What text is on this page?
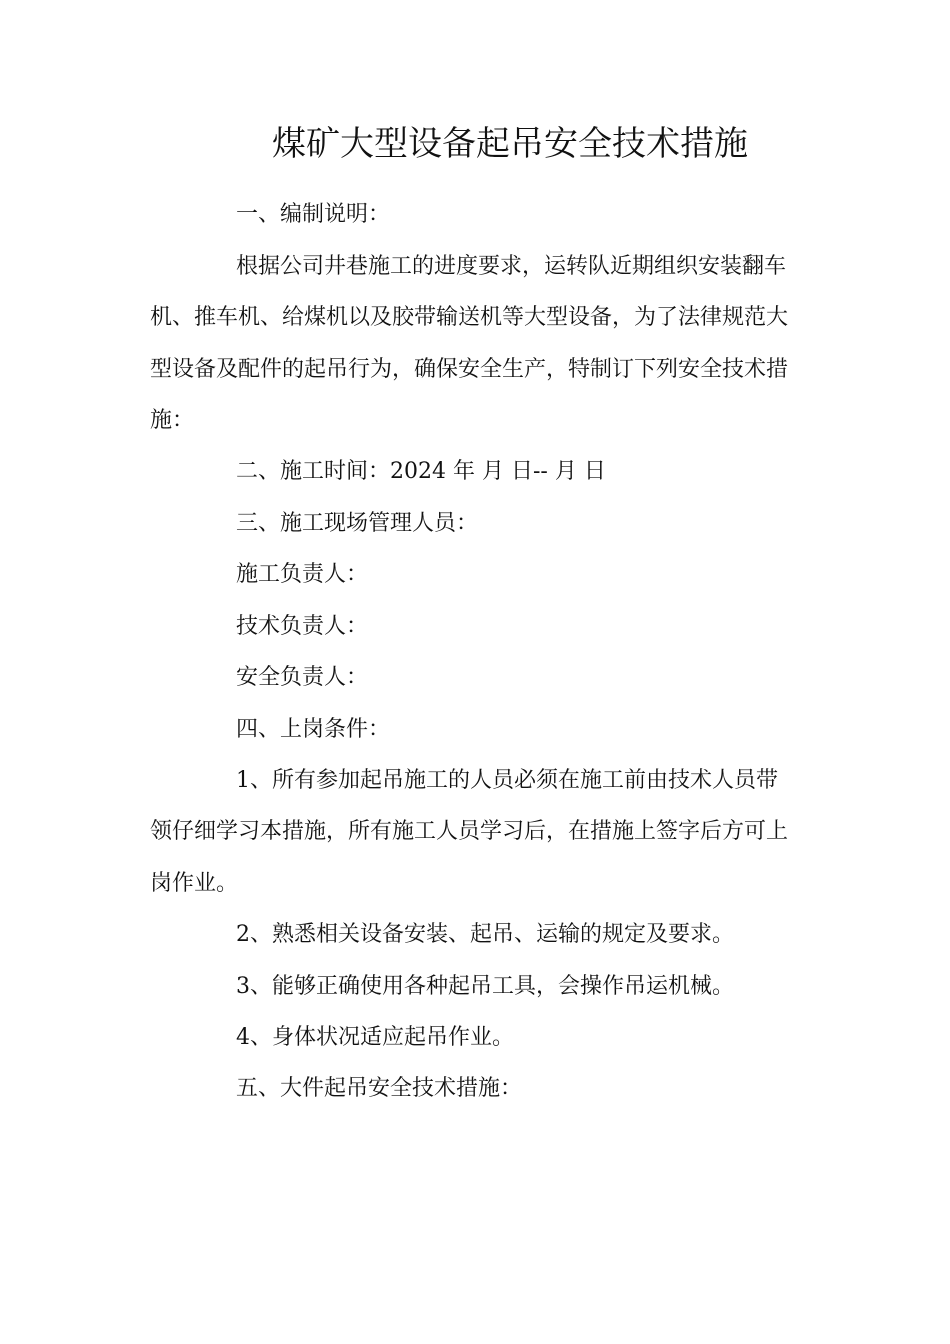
煤矿大型设备起吊安全技术措施
一、编制说明：
根据公司井巷施工的进度要求，运转队近期组织安装翻车
机、推车机、给煤机以及胶带输送机等大型设备，为了法律规范大
型设备及配件的起吊行为，确保安全生产，特制订下列安全技术措
施：
二、施工时间：2024 年 月 日-- 月 日
三、施工现场管理人员：
施工负责人：
技术负责人：
安全负责人：
四、上岗条件：
1、所有参加起吊施工的人员必须在施工前由技术人员带
领仔细学习本措施，所有施工人员学习后，在措施上签字后方可上
岗作业。
2、熟悉相关设备安装、起吊、运输的规定及要求。
3、能够正确使用各种起吊工具，会操作吊运机械。
4、身体状况适应起吊作业。
五、大件起吊安全技术措施：
